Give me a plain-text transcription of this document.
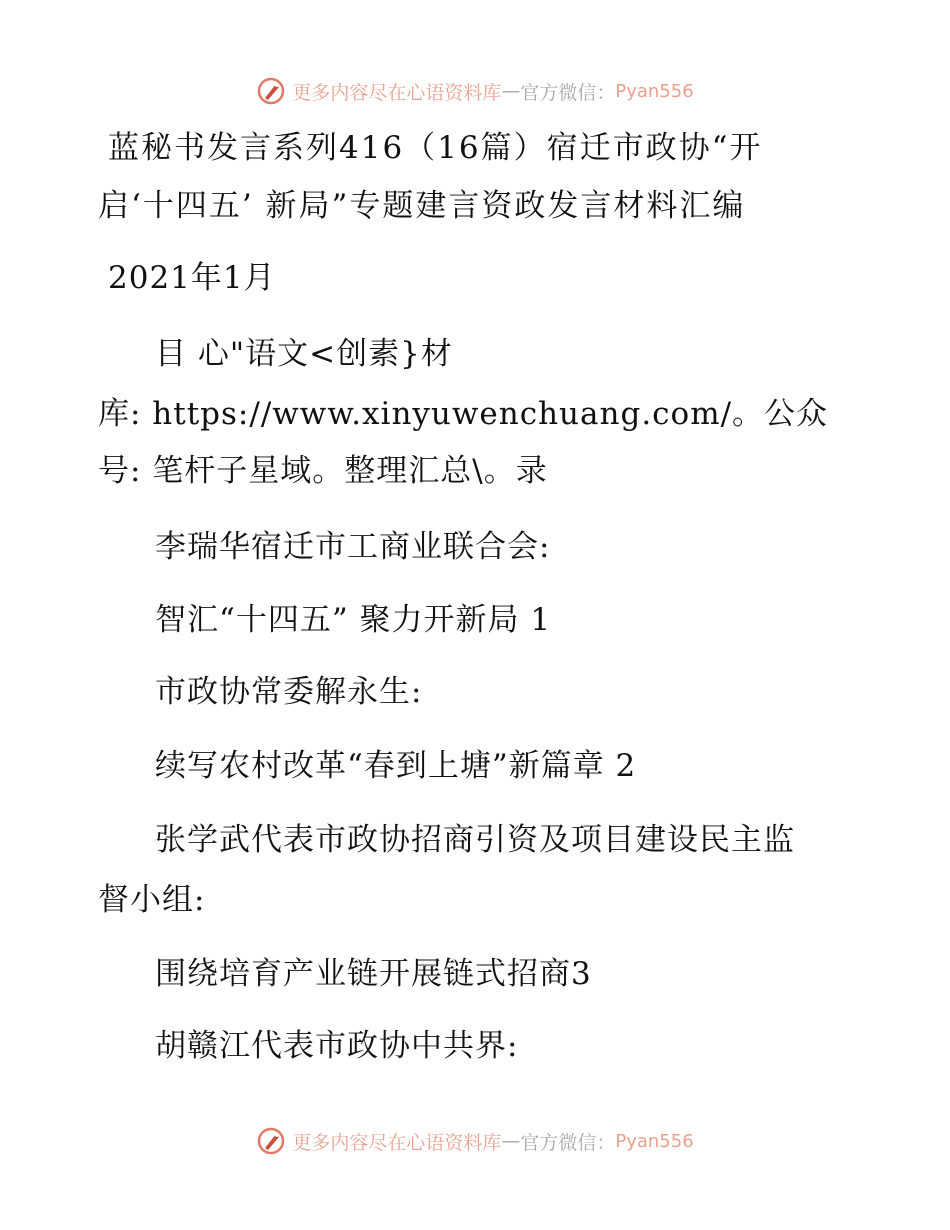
更多内容尽在心语资料库 — 官方微信： Pyan556
蓝秘书发言系列416（16篇）宿迁市政协“开
启‘十四五’ 新局”专题建言资政发言材料汇编
2021年1月
目 心"语文<创素}材
库: https://www.xinyuwenchuang.com/。公众
号: 笔杆子星域。整理汇总\。录
李瑞华宿迁市工商业联合会:
智汇“十四五” 聚力开新局 1
市政协常委解永生:
续写农村改革“春到上塘”新篇章 2
张学武代表市政协招商引资及项目建设民主监
督小组:
围绕培育产业链开展链式招商3
胡赣江代表市政协中共界:
更多内容尽在心语资料库 — 官方微信： Pyan556
